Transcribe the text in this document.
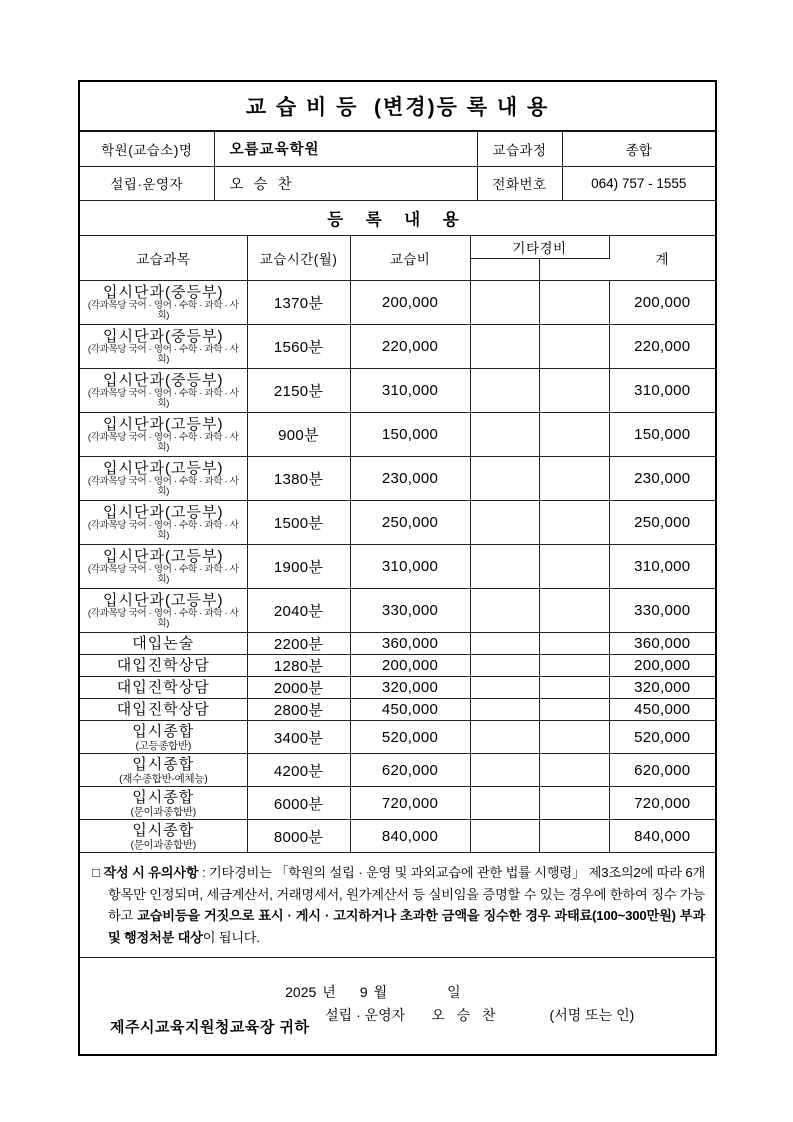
교 습 비 등  (변경)등 록 내 용
학원(교습소)명	오름교육학원	교습과정	종합
설립·운영자	오 승 찬	전화번호	064) 757 - 1555
등 록 내 용
교습과목	교습시간(월)	교습비	기타경비		계

입시단과(중등부)
(각과목당 국어 · 영어 · 수학 · 과학 · 사회)	1370분	200,000			200,000

입시단과(중등부)
(각과목당 국어 · 영어 · 수학 · 과학 · 사회)	1560분	220,000			220,000

입시단과(중등부)
(각과목당 국어 · 영어 · 수학 · 과학 · 사회)	2150분	310,000			310,000

입시단과(고등부)
(각과목당 국어 · 영어 · 수학 · 과학 · 사회)	900분	150,000			150,000

입시단과(고등부)
(각과목당 국어 · 영어 · 수학 · 과학 · 사회)	1380분	230,000			230,000

입시단과(고등부)
(각과목당 국어 · 영어 · 수학 · 과학 · 사회)	1500분	250,000			250,000

입시단과(고등부)
(각과목당 국어 · 영어 · 수학 · 과학 · 사회)	1900분	310,000			310,000

입시단과(고등부)
(각과목당 국어 · 영어 · 수학 · 과학 · 사회)	2040분	330,000			330,000

대입논술	2200분	360,000			360,000

대입진학상담	1280분	200,000			200,000

대입진학상담	2000분	320,000			320,000

대입진학상담	2800분	450,000			450,000

입시종합
(고등종합반)	3400분	520,000			520,000

입시종합
(재수종합반-예체능)	4200분	620,000			620,000

입시종합
(문이과종합반)	6000분	720,000			720,000

입시종합
(문이과종합반)	8000분	840,000			840,000
□ 작성 시 유의사항 : 기타경비는 「학원의 설립 · 운영 및 과외교습에 관한 법률 시행령」 제3조의2에 따라 6개 항목만 인정되며, 세금계산서, 거래명세서, 원가계산서 등 실비임을 증명할 수 있는 경우에 한하여 징수 가능하고 교습비등을 거짓으로 표시 · 게시 · 고지하거나 초과한 금액을 징수한 경우 과태료(100~300만원) 부과 및 행정처분 대상이 됩니다.

2025 년 9 월	일

설립 · 운영자 오 승 찬	(서명 또는 인)

제주시교육지원청교육장 귀하
